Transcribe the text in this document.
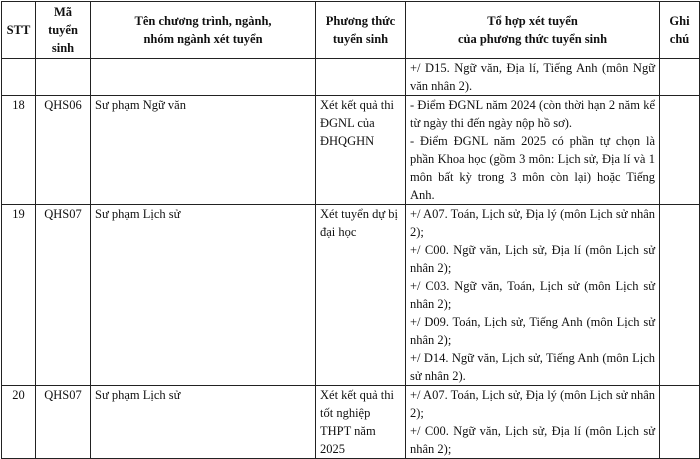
STT	Mã tuyển sinh	Tên chương trình, ngành, nhóm ngành xét tuyển	Phương thức tuyển sinh	Tổ hợp xét tuyển
của phương thức tuyển sinh	Ghi chú

				+/ D15. Ngữ văn, Địa lí, Tiếng Anh (môn Ngữ văn nhân 2).	

18	QHS06	Sư phạm Ngữ văn	Xét kết quả thi ĐGNL của ĐHQGHN	- Điểm ĐGNL năm 2024 (còn thời hạn 2 năm kể từ ngày thi đến ngày nộp hồ sơ).
- Điểm ĐGNL năm 2025 có phần tự chọn là phần Khoa học (gồm 3 môn: Lịch sử, Địa lí và 1 môn bất kỳ trong 3 môn còn lại) hoặc Tiếng Anh.	

19	QHS07	Sư phạm Lịch sử	Xét tuyển dự bị đại học	+/ A07. Toán, Lịch sử, Địa lý (môn Lịch sử nhân 2);
+/ C00. Ngữ văn, Lịch sử, Địa lí (môn Lịch sử nhân 2);
+/ C03. Ngữ văn, Toán, Lịch sử (môn Lịch sử nhân 2);
+/ D09. Toán, Lịch sử, Tiếng Anh (môn Lịch sử nhân 2);
+/ D14. Ngữ văn, Lịch sử, Tiếng Anh (môn Lịch sử nhân 2).	

20	QHS07	Sư phạm Lịch sử	Xét kết quả thi tốt nghiệp THPT năm 2025	+/ A07. Toán, Lịch sử, Địa lý (môn Lịch sử nhân 2);
+/ C00. Ngữ văn, Lịch sử, Địa lí (môn Lịch sử nhân 2);	
